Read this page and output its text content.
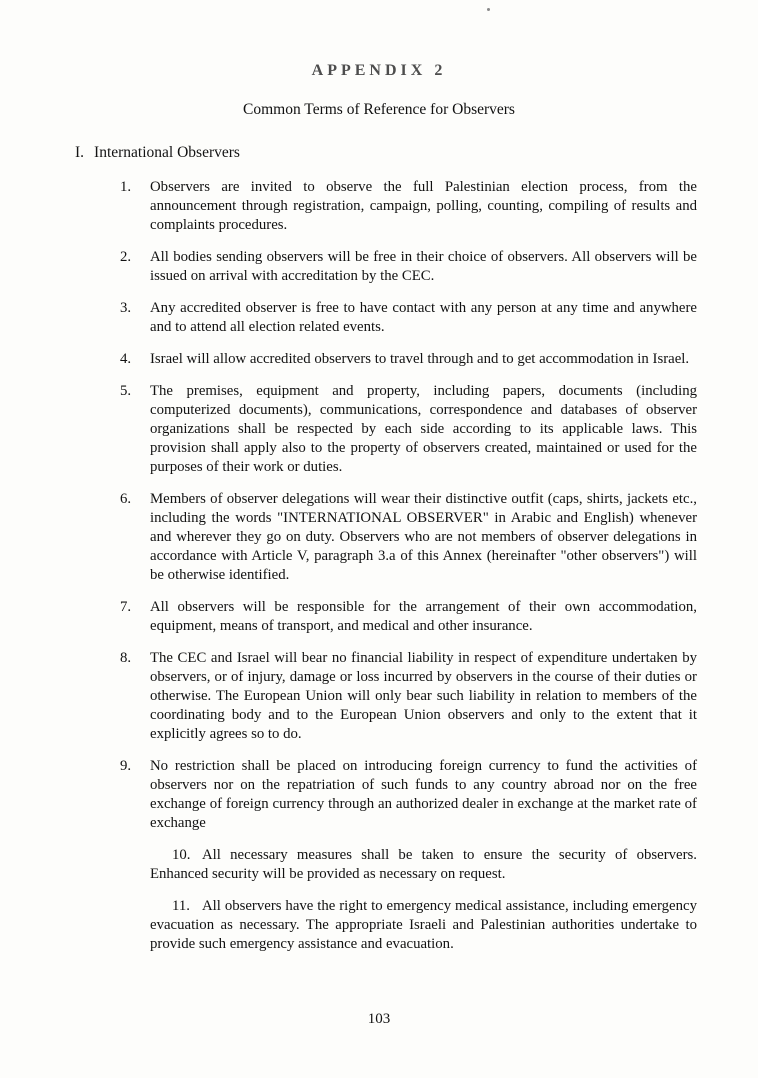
APPENDIX 2
Common Terms of Reference for Observers
I. International Observers
1. Observers are invited to observe the full Palestinian election process, from the announcement through registration, campaign, polling, counting, compiling of results and complaints procedures.
2. All bodies sending observers will be free in their choice of observers. All observers will be issued on arrival with accreditation by the CEC.
3. Any accredited observer is free to have contact with any person at any time and anywhere and to attend all election related events.
4. Israel will allow accredited observers to travel through and to get accommodation in Israel.
5. The premises, equipment and property, including papers, documents (including computerized documents), communications, correspondence and databases of observer organizations shall be respected by each side according to its applicable laws. This provision shall apply also to the property of observers created, maintained or used for the purposes of their work or duties.
6. Members of observer delegations will wear their distinctive outfit (caps, shirts, jackets etc., including the words "INTERNATIONAL OBSERVER" in Arabic and English) whenever and wherever they go on duty. Observers who are not members of observer delegations in accordance with Article V, paragraph 3.a of this Annex (hereinafter "other observers") will be otherwise identified.
7. All observers will be responsible for the arrangement of their own accommodation, equipment, means of transport, and medical and other insurance.
8. The CEC and Israel will bear no financial liability in respect of expenditure undertaken by observers, or of injury, damage or loss incurred by observers in the course of their duties or otherwise. The European Union will only bear such liability in relation to members of the coordinating body and to the European Union observers and only to the extent that it explicitly agrees so to do.
9. No restriction shall be placed on introducing foreign currency to fund the activities of observers nor on the repatriation of such funds to any country abroad nor on the free exchange of foreign currency through an authorized dealer in exchange at the market rate of exchange
10. All necessary measures shall be taken to ensure the security of observers. Enhanced security will be provided as necessary on request.
11. All observers have the right to emergency medical assistance, including emergency evacuation as necessary. The appropriate Israeli and Palestinian authorities undertake to provide such emergency assistance and evacuation.
103
